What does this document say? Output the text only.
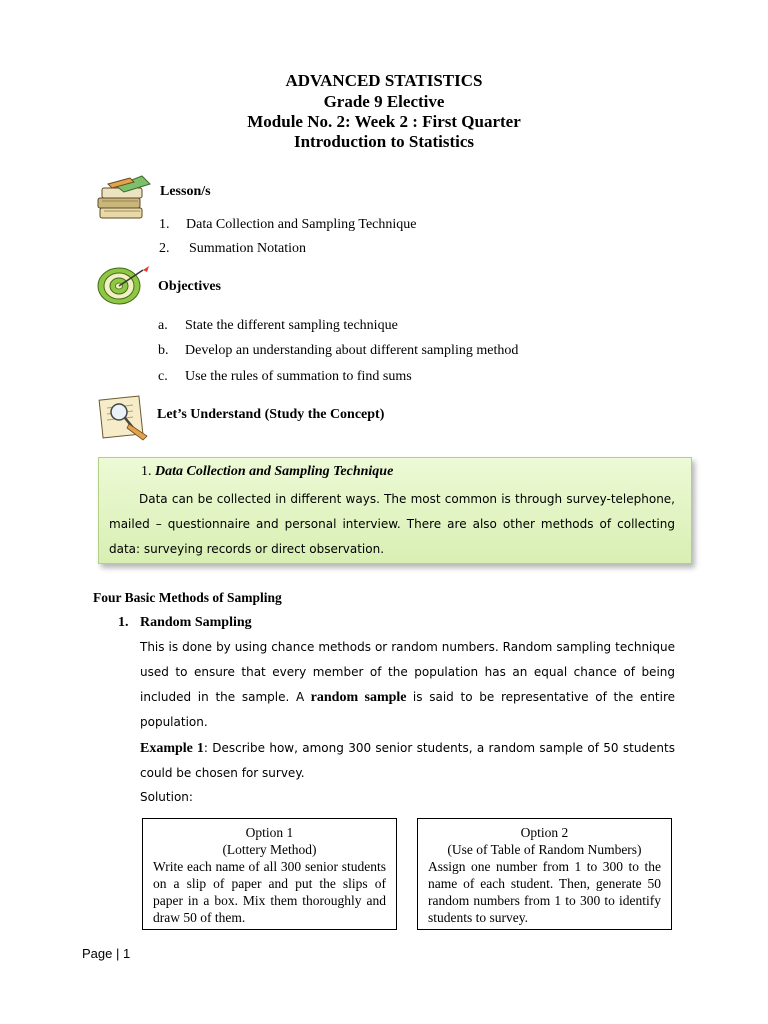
ADVANCED STATISTICS
Grade 9 Elective
Module No. 2: Week 2 : First Quarter
Introduction to Statistics
Lesson/s
1. Data Collection and Sampling Technique
2. Summation Notation
Objectives
a. State the different sampling technique
b. Develop an understanding about different sampling method
c. Use the rules of summation to find sums
Let’s Understand (Study the Concept)
1. Data Collection and Sampling Technique
Data can be collected in different ways. The most common is through survey-telephone, mailed – questionnaire and personal interview. There are also other methods of collecting data: surveying records or direct observation.
Four Basic Methods of Sampling
1. Random Sampling
This is done by using chance methods or random numbers. Random sampling technique used to ensure that every member of the population has an equal chance of being included in the sample. A random sample is said to be representative of the entire population.
Example 1: Describe how, among 300 senior students, a random sample of 50 students could be chosen for survey.
Solution:
Option 1
(Lottery Method)
Write each name of all 300 senior students on a slip of paper and put the slips of paper in a box. Mix them thoroughly and draw 50 of them.
Option 2
(Use of Table of Random Numbers)
Assign one number from 1 to 300 to the name of each student. Then, generate 50 random numbers from 1 to 300 to identify students to survey.
Page | 1
